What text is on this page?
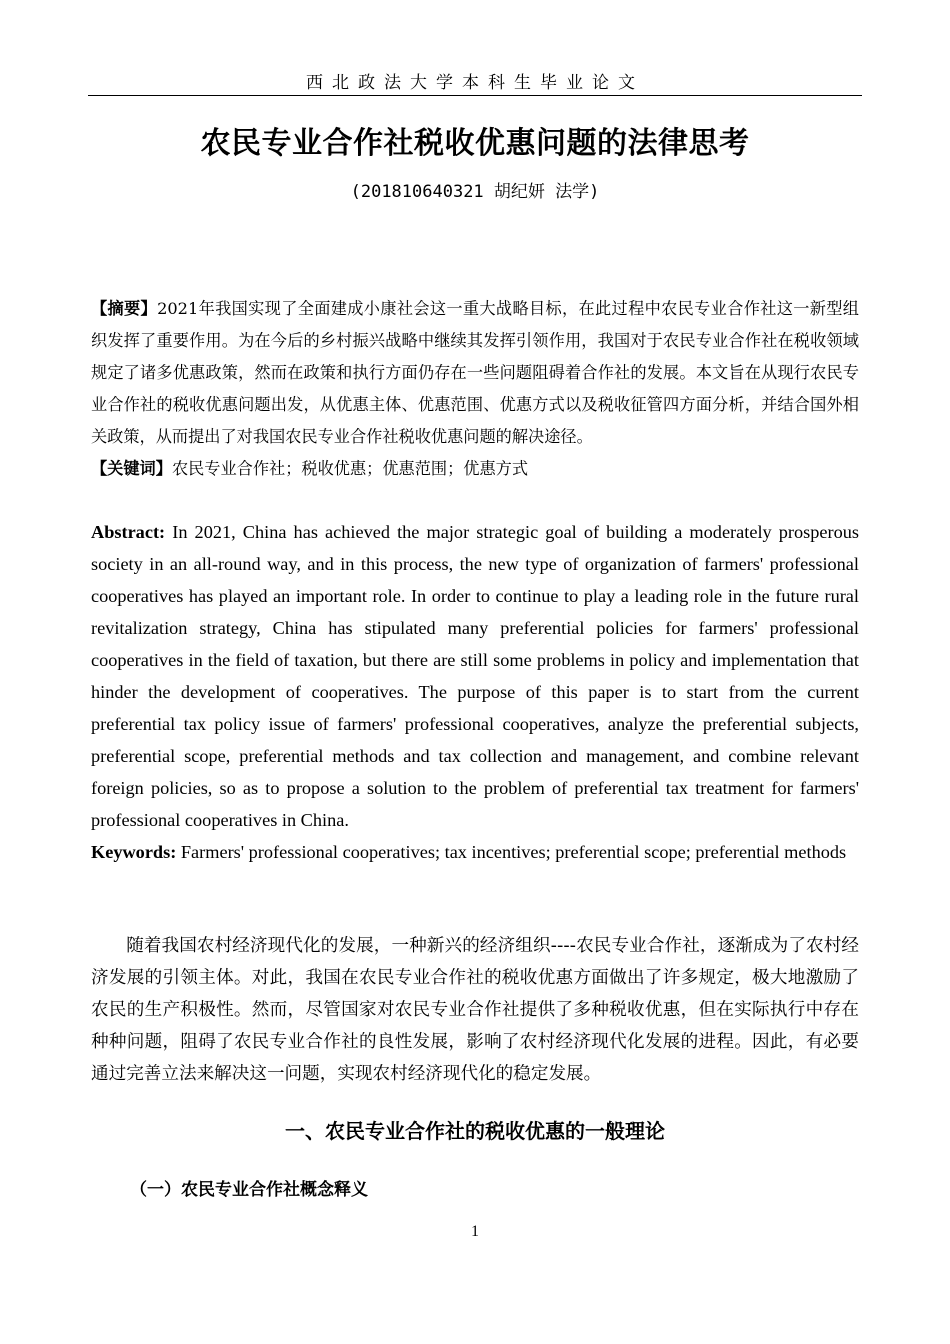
西北政法大学本科生毕业论文
农民专业合作社税收优惠问题的法律思考
(201810640321 胡纪妍 法学)
【摘要】2021年我国实现了全面建成小康社会这一重大战略目标，在此过程中农民专业合作社这一新型组织发挥了重要作用。为在今后的乡村振兴战略中继续其发挥引领作用，我国对于农民专业合作社在税收领域规定了诸多优惠政策，然而在政策和执行方面仍存在一些问题阻碍着合作社的发展。本文旨在从现行农民专业合作社的税收优惠问题出发，从优惠主体、优惠范围、优惠方式以及税收征管四方面分析，并结合国外相关政策，从而提出了对我国农民专业合作社税收优惠问题的解决途径。
【关键词】农民专业合作社；税收优惠；优惠范围；优惠方式
Abstract: In 2021, China has achieved the major strategic goal of building a moderately prosperous society in an all-round way, and in this process, the new type of organization of farmers' professional cooperatives has played an important role. In order to continue to play a leading role in the future rural revitalization strategy, China has stipulated many preferential policies for farmers' professional cooperatives in the field of taxation, but there are still some problems in policy and implementation that hinder the development of cooperatives. The purpose of this paper is to start from the current preferential tax policy issue of farmers' professional cooperatives, analyze the preferential subjects, preferential scope, preferential methods and tax collection and management, and combine relevant foreign policies, so as to propose a solution to the problem of preferential tax treatment for farmers' professional cooperatives in China.
Keywords: Farmers' professional cooperatives; tax incentives; preferential scope; preferential methods
随着我国农村经济现代化的发展，一种新兴的经济组织----农民专业合作社，逐渐成为了农村经济发展的引领主体。对此，我国在农民专业合作社的税收优惠方面做出了许多规定，极大地激励了农民的生产积极性。然而，尽管国家对农民专业合作社提供了多种税收优惠，但在实际执行中存在种种问题，阻碍了农民专业合作社的良性发展，影响了农村经济现代化发展的进程。因此，有必要通过完善立法来解决这一问题，实现农村经济现代化的稳定发展。
一、农民专业合作社的税收优惠的一般理论
（一）农民专业合作社概念释义
1
